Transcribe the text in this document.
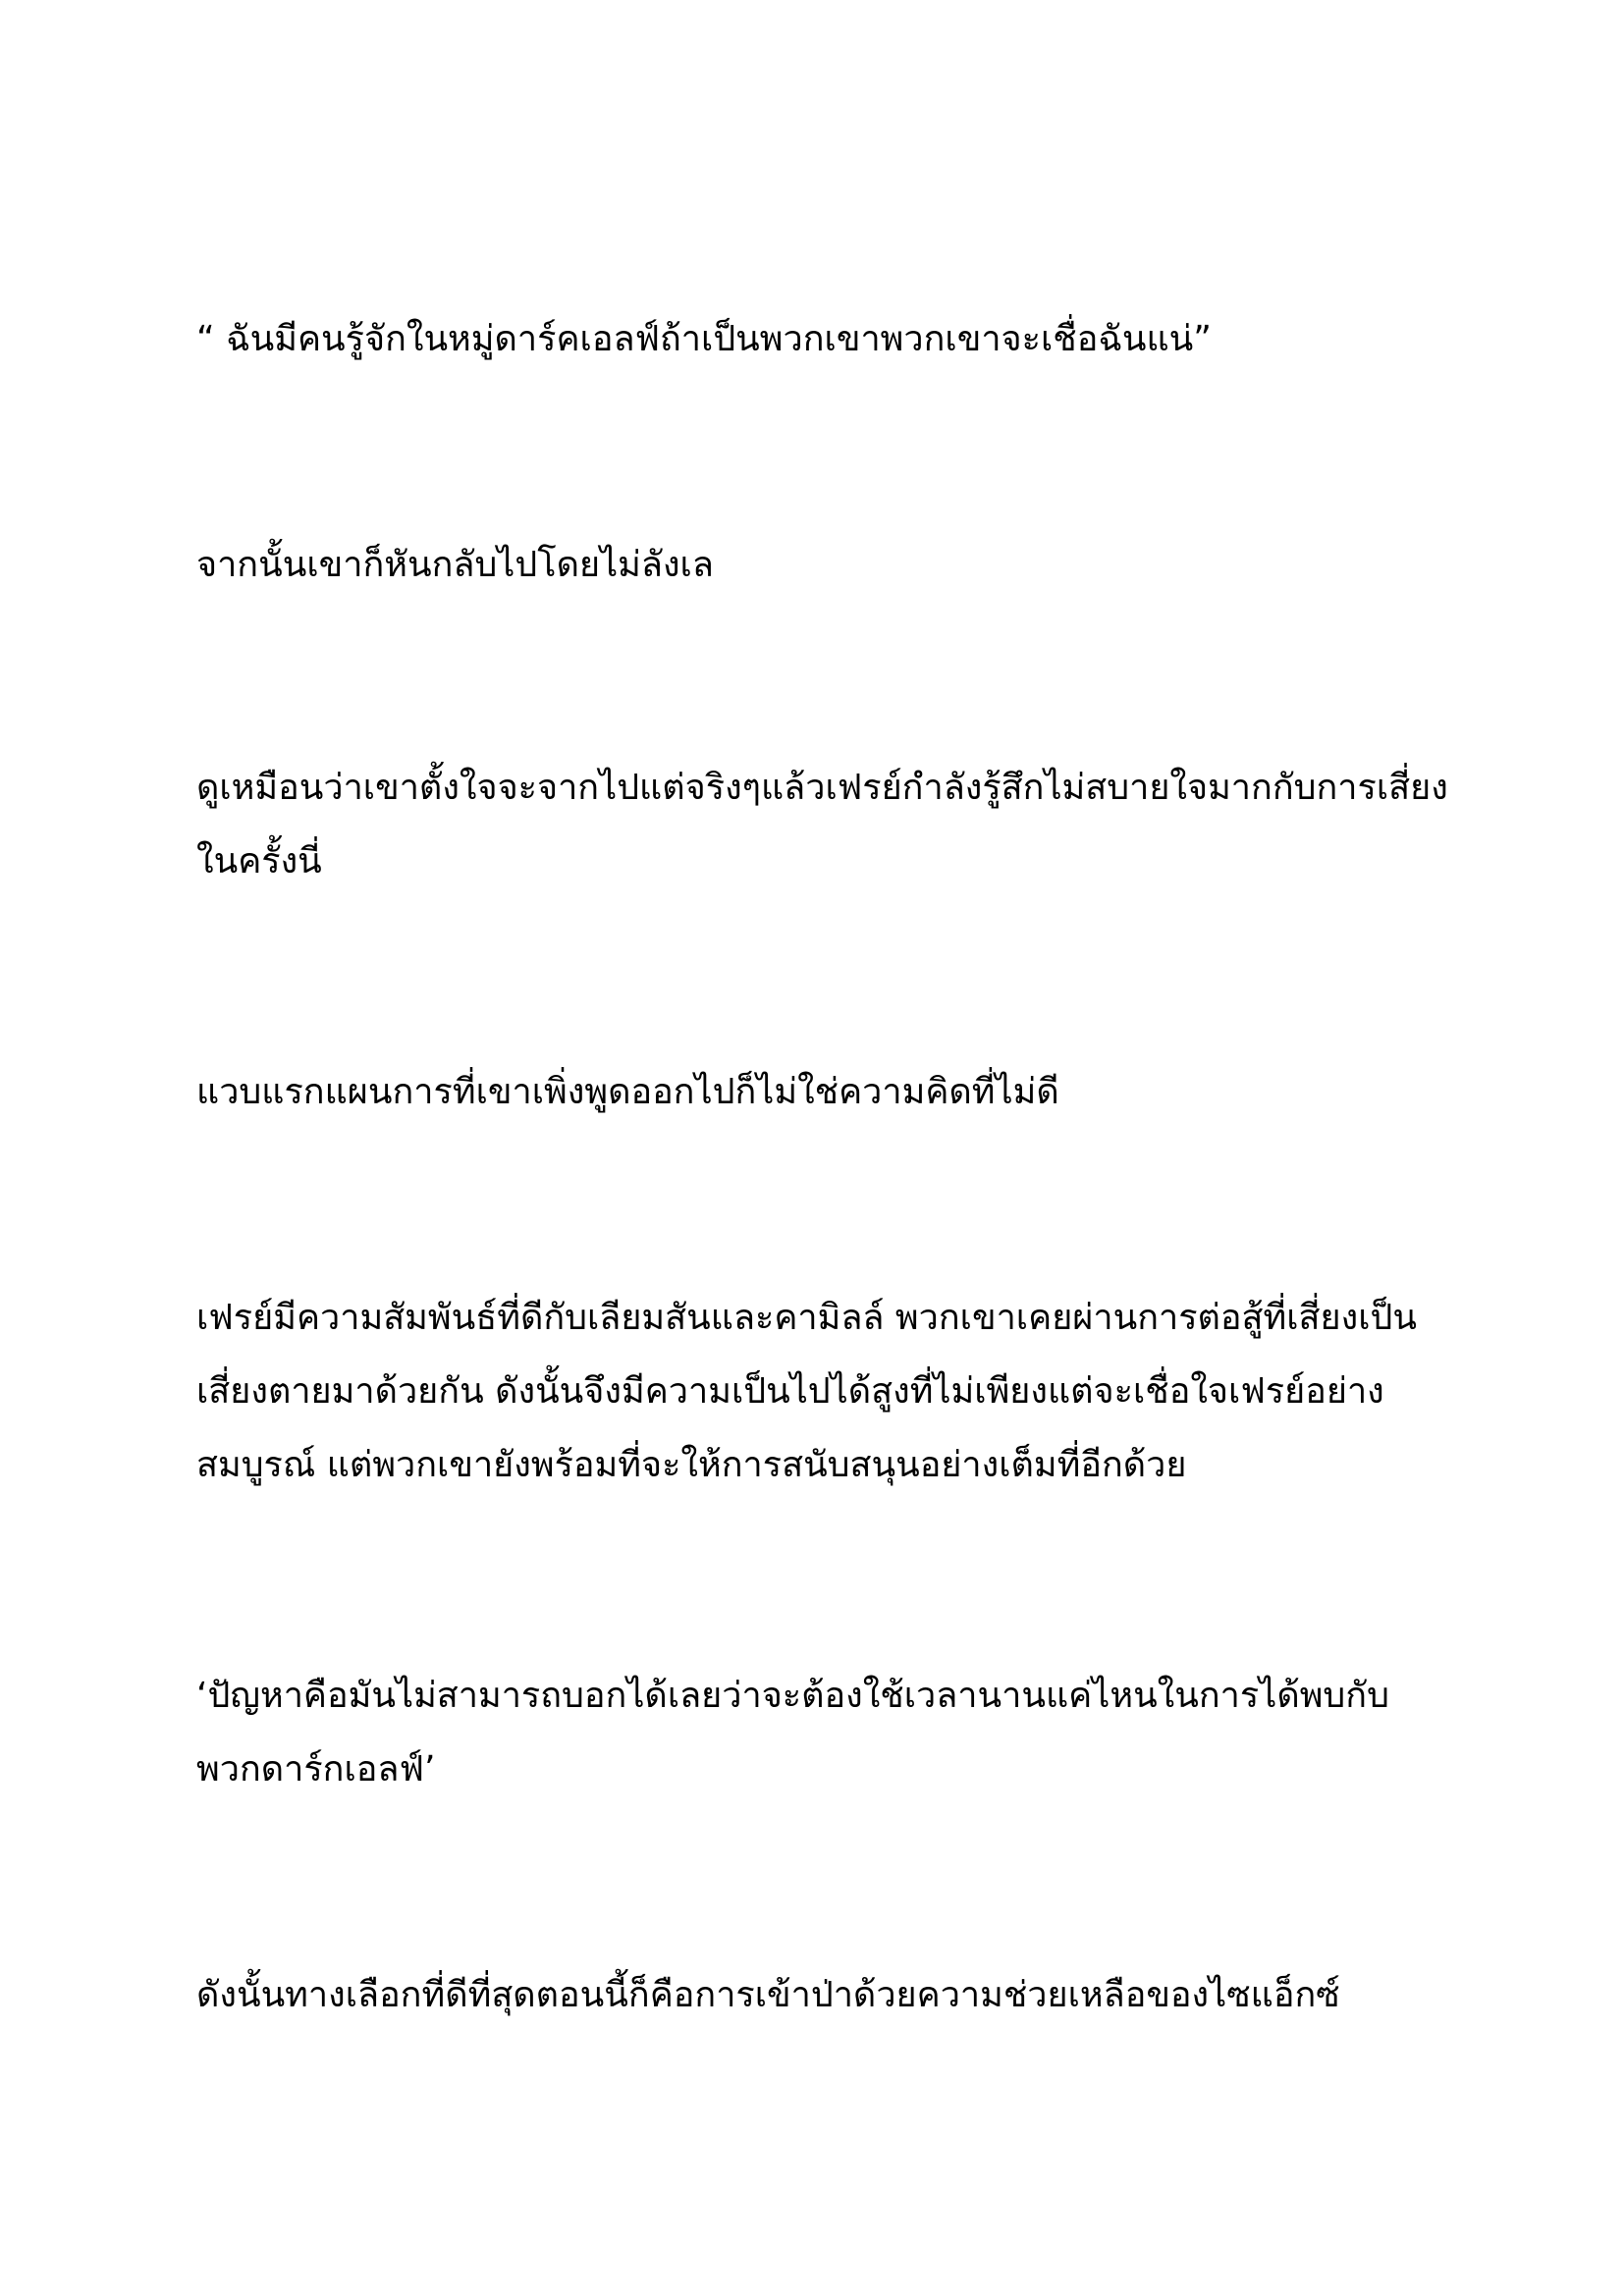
“ ฉันมีคนรู้จักในหมู่ดาร์คเอลฟ์ถ้าเป็นพวกเขาพวกเขาจะเชื่อฉันแน่”

จากนั้นเขาก็หันกลับไปโดยไม่ลังเล

ดูเหมือนว่าเขาตั้งใจจะจากไปแต่จริงๆแล้วเฟรย์กำลังรู้สึกไม่สบายใจมากกับการเสี่ยง
ในครั้งนี่

แวบแรกแผนการที่เขาเพิ่งพูดออกไปก็ไม่ใช่ความคิดที่ไม่ดี

เฟรย์มีความสัมพันธ์ที่ดีกับเลียมสันและคามิลล์ พวกเขาเคยผ่านการต่อสู้ที่เสี่ยงเป็น
เสี่ยงตายมาด้วยกัน ดังนั้นจึงมีความเป็นไปได้สูงที่ไม่เพียงแต่จะเชื่อใจเฟรย์อย่าง
สมบูรณ์ แต่พวกเขายังพร้อมที่จะให้การสนับสนุนอย่างเต็มที่อีกด้วย

‘ปัญหาคือมันไม่สามารถบอกได้เลยว่าจะต้องใช้เวลานานแค่ไหนในการได้พบกับ
พวกดาร์กเอลฟ์’

ดังนั้นทางเลือกที่ดีที่สุดตอนนี้ก็คือการเข้าป่าด้วยความช่วยเหลือของไซแอ็กซ์
